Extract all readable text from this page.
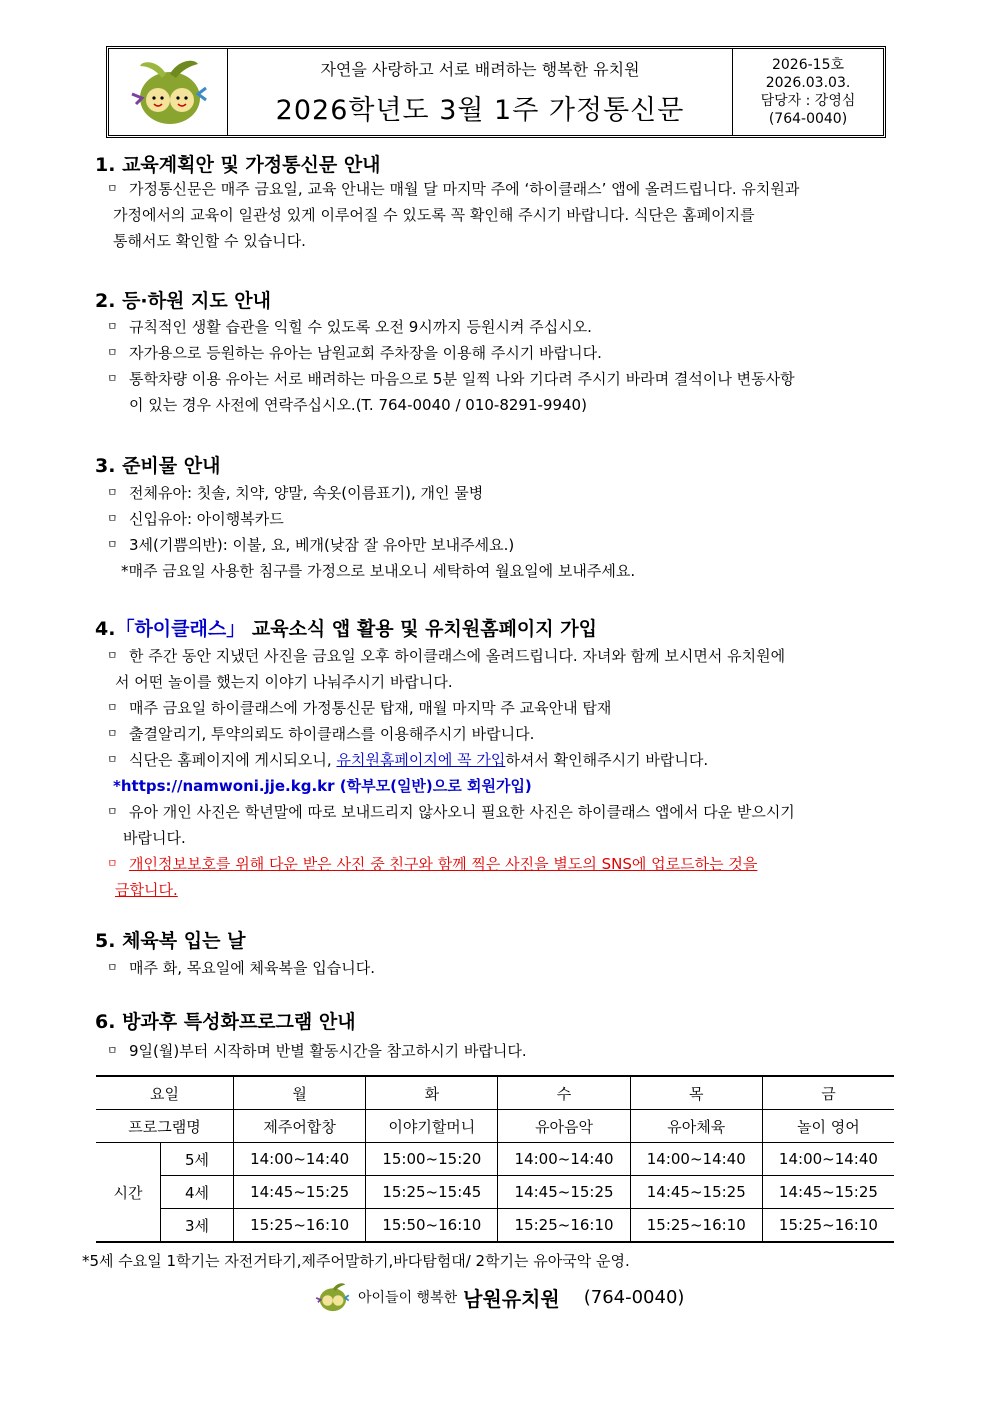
자연을 사랑하고 서로 배려하는 행복한 유치원
2026학년도 3월 1주 가정통신문
2026-15호
2026.03.03.
담당자 : 강영심
(764-0040)
1. 교육계획안 및 가정통신문 안내
ㅁ 가정통신문은 매주 금요일, 교육 안내는 매월 달 마지막 주에 ‘하이클래스’ 앱에 올려드립니다. 유치원과
가정에서의 교육이 일관성 있게 이루어질 수 있도록 꼭 확인해 주시기 바랍니다. 식단은 홈페이지를
통해서도 확인할 수 있습니다.
2. 등·하원 지도 안내
ㅁ 규칙적인 생활 습관을 익힐 수 있도록 오전 9시까지 등원시켜 주십시오.
ㅁ 자가용으로 등원하는 유아는 남원교회 주차장을 이용해 주시기 바랍니다.
ㅁ 통학차량 이용 유아는 서로 배려하는 마음으로 5분 일찍 나와 기다려 주시기 바라며 결석이나 변동사항
이 있는 경우 사전에 연락주십시오.(T. 764-0040 / 010-8291-9940)
3. 준비물 안내
ㅁ 전체유아: 칫솔, 치약, 양말, 속옷(이름표기), 개인 물병
ㅁ 신입유아: 아이행복카드
ㅁ 3세(기쁨의반): 이불, 요, 베개(낮잠 잘 유아만 보내주세요.)
*매주 금요일 사용한 침구를 가정으로 보내오니 세탁하여 월요일에 보내주세요.
4.「하이클래스」 교육소식 앱 활용 및 유치원홈페이지 가입
ㅁ 한 주간 동안 지냈던 사진을 금요일 오후 하이클래스에 올려드립니다. 자녀와 함께 보시면서 유치원에
서 어떤 놀이를 했는지 이야기 나눠주시기 바랍니다.
ㅁ 매주 금요일 하이클래스에 가정통신문 탑재, 매월 마지막 주 교육안내 탑재
ㅁ 출결알리기, 투약의뢰도 하이클래스를 이용해주시기 바랍니다.
ㅁ 식단은 홈페이지에 게시되오니, 유치원홈페이지에 꼭 가입하셔서 확인해주시기 바랍니다.
*https://namwoni.jje.kg.kr (학부모(일반)으로 회원가입)
ㅁ 유아 개인 사진은 학년말에 따로 보내드리지 않사오니 필요한 사진은 하이클래스 앱에서 다운 받으시기
바랍니다.
ㅁ 개인정보보호를 위해 다운 받은 사진 중 친구와 함께 찍은 사진을 별도의 SNS에 업로드하는 것을
금합니다.
5. 체육복 입는 날
ㅁ 매주 화, 목요일에 체육복을 입습니다.
6. 방과후 특성화프로그램 안내
ㅁ 9일(월)부터 시작하며 반별 활동시간을 참고하시기 바랍니다.
요일		월	화	수	목	금
프로그램명		제주어합창	이야기할머니	유아음악	유아체육	놀이 영어
시간	5세	14:00~14:40	15:00~15:20	14:00~14:40	14:00~14:40	14:00~14:40
	4세	14:45~15:25	15:25~15:45	14:45~15:25	14:45~15:25	14:45~15:25
	3세	15:25~16:10	15:50~16:10	15:25~16:10	15:25~16:10	15:25~16:10
*5세 수요일 1학기는 자전거타기,제주어말하기,바다탐험대/ 2학기는 유아국악 운영.
아이들이 행복한 남원유치원 (764-0040)
